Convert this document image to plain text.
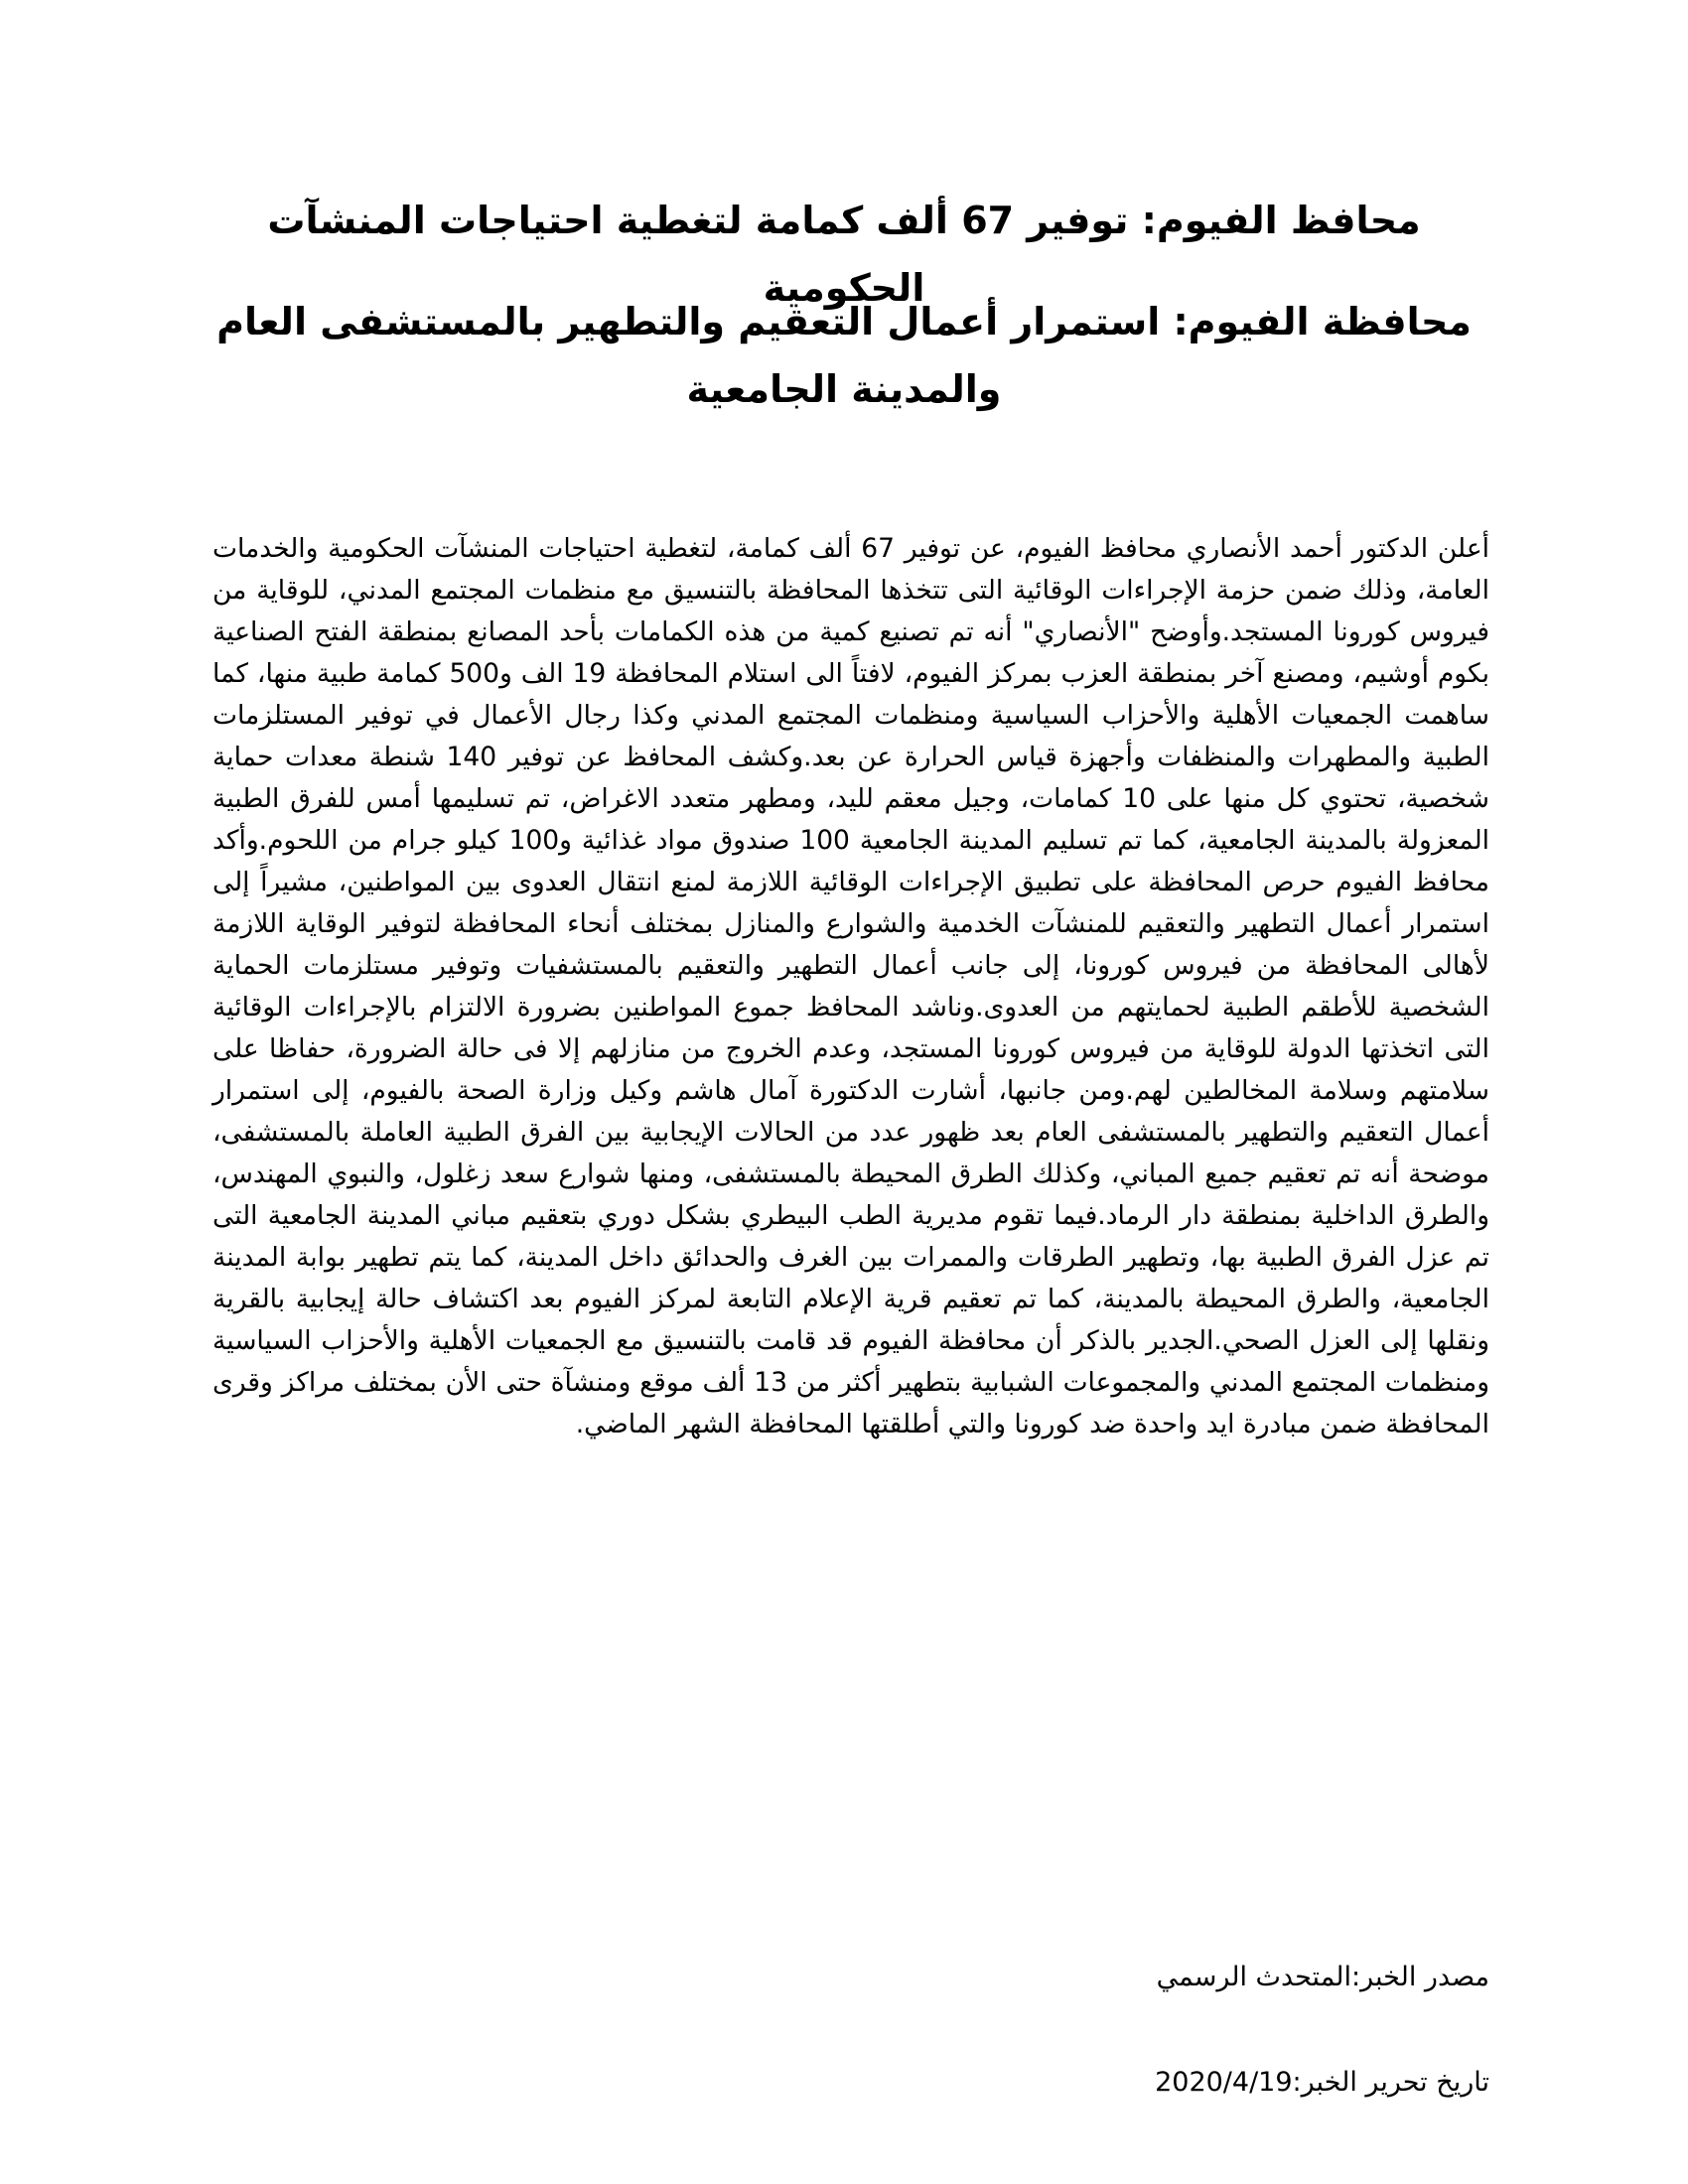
محافظ الفيوم: توفير 67 ألف كمامة لتغطية احتياجات المنشآت الحكومية
محافظة الفيوم: استمرار أعمال التعقيم والتطهير بالمستشفى العام والمدينة الجامعية

أعلن الدكتور أحمد الأنصاري محافظ الفيوم، عن توفير 67 ألف كمامة، لتغطية احتياجات المنشآت الحكومية والخدمات العامة، وذلك ضمن حزمة الإجراءات الوقائية التى تتخذها المحافظة بالتنسيق مع منظمات المجتمع المدني، للوقاية من فيروس كورونا المستجد.وأوضح "الأنصاري" أنه تم تصنيع كمية من هذه الكمامات بأحد المصانع بمنطقة الفتح الصناعية بكوم أوشيم، ومصنع آخر بمنطقة العزب بمركز الفيوم، لافتاً الى استلام المحافظة 19 الف و500 كمامة طبية منها، كما ساهمت الجمعيات الأهلية والأحزاب السياسية ومنظمات المجتمع المدني وكذا رجال الأعمال في توفير المستلزمات الطبية والمطهرات والمنظفات وأجهزة قياس الحرارة عن بعد.وكشف المحافظ عن توفير 140 شنطة معدات حماية شخصية، تحتوي كل منها على 10 كمامات، وجيل معقم لليد، ومطهر متعدد الاغراض، تم تسليمها أمس للفرق الطبية المعزولة بالمدينة الجامعية، كما تم تسليم المدينة الجامعية 100 صندوق مواد غذائية و100 كيلو جرام من اللحوم.وأكد محافظ الفيوم حرص المحافظة على تطبيق الإجراءات الوقائية اللازمة لمنع انتقال العدوى بين المواطنين، مشيراً إلى استمرار أعمال التطهير والتعقيم للمنشآت الخدمية والشوارع والمنازل بمختلف أنحاء المحافظة لتوفير الوقاية اللازمة لأهالى المحافظة من فيروس كورونا، إلى جانب أعمال التطهير والتعقيم بالمستشفيات وتوفير مستلزمات الحماية الشخصية للأطقم الطبية لحمايتهم من العدوى.وناشد المحافظ جموع المواطنين بضرورة الالتزام بالإجراءات الوقائية التى اتخذتها الدولة للوقاية من فيروس كورونا المستجد، وعدم الخروج من منازلهم إلا فى حالة الضرورة، حفاظا على سلامتهم وسلامة المخالطين لهم.ومن جانبها، أشارت الدكتورة آمال هاشم وكيل وزارة الصحة بالفيوم، إلى استمرار أعمال التعقيم والتطهير بالمستشفى العام بعد ظهور عدد من الحالات الإيجابية بين الفرق الطبية العاملة بالمستشفى، موضحة أنه تم تعقيم جميع المباني، وكذلك الطرق المحيطة بالمستشفى، ومنها شوارع سعد زغلول، والنبوي المهندس، والطرق الداخلية بمنطقة دار الرماد.فيما تقوم مديرية الطب البيطري بشكل دوري بتعقيم مباني المدينة الجامعية التى تم عزل الفرق الطبية بها، وتطهير الطرقات والممرات بين الغرف والحدائق داخل المدينة، كما يتم تطهير بوابة المدينة الجامعية، والطرق المحيطة بالمدينة، كما تم تعقيم قرية الإعلام التابعة لمركز الفيوم بعد اكتشاف حالة إيجابية بالقرية ونقلها إلى العزل الصحي.الجدير بالذكر أن محافظة الفيوم قد قامت بالتنسيق مع الجمعيات الأهلية والأحزاب السياسية ومنظمات المجتمع المدني والمجموعات الشبابية بتطهير أكثر من 13 ألف موقع ومنشآة حتى الأن بمختلف مراكز وقرى المحافظة ضمن مبادرة ايد واحدة ضد كورونا والتي أطلقتها المحافظة الشهر الماضي.

مصدر الخبر:المتحدث الرسمي

تاريخ تحرير الخبر:2020/4/19
